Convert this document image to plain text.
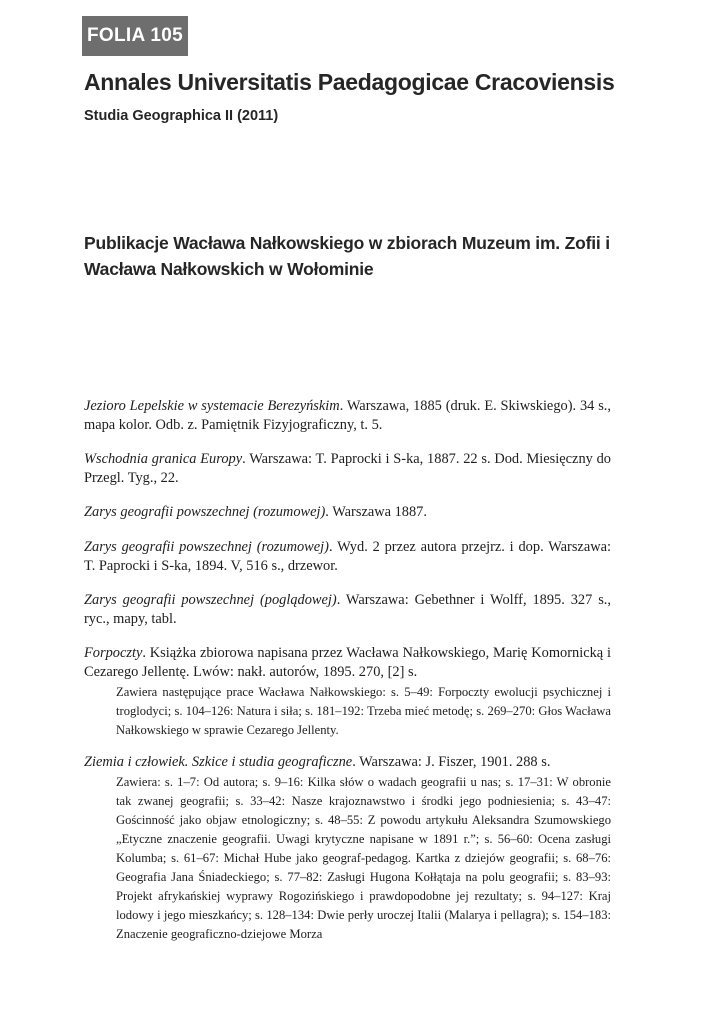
FOLIA 105
Annales Universitatis Paedagogicae Cracoviensis
Studia Geographica II (2011)
Publikacje Wacława Nałkowskiego w zbiorach Muzeum im. Zofii i Wacława Nałkowskich w Wołominie

Jezioro Lepelskie w systemacie Berezyńskim. Warszawa, 1885 (druk. E. Skiwskiego). 34 s., mapa kolor. Odb. z. Pamiętnik Fizyjograficzny, t. 5.

Wschodnia granica Europy. Warszawa: T. Paprocki i S-ka, 1887. 22 s. Dod. Miesięczny do Przegl. Tyg., 22.

Zarys geografii powszechnej (rozumowej). Warszawa 1887.

Zarys geografii powszechnej (rozumowej). Wyd. 2 przez autora przejrz. i dop. Warszawa: T. Paprocki i S-ka, 1894. V, 516 s., drzewor.

Zarys geografii powszechnej (poglądowej). Warszawa: Gebethner i Wolff, 1895. 327 s., ryc., mapy, tabl.

Forpoczty. Książka zbiorowa napisana przez Wacława Nałkowskiego, Marię Komornicką i Cezarego Jellentę. Lwów: nakł. autorów, 1895. 270, [2] s.

Zawiera następujące prace Wacława Nałkowskiego: s. 5–49: Forpoczty ewolucji psychicznej i troglodyci; s. 104–126: Natura i siła; s. 181–192: Trzeba mieć metodę; s. 269–270: Głos Wacława Nałkowskiego w sprawie Cezarego Jellenty.

Ziemia i człowiek. Szkice i studia geograficzne. Warszawa: J. Fiszer, 1901. 288 s.

Zawiera: s. 1–7: Od autora; s. 9–16: Kilka słów o wadach geografii u nas; s. 17–31: W obronie tak zwanej geografii; s. 33–42: Nasze krajoznawstwo i środki jego podniesienia; s. 43–47: Gościnność jako objaw etnologiczny; s. 48–55: Z powodu artykułu Aleksandra Szumowskiego „Etyczne znaczenie geografii. Uwagi krytyczne napisane w 1891 r.”; s. 56–60: Ocena zasługi Kolumba; s. 61–67: Michał Hube jako geograf-pedagog. Kartka z dziejów geografii; s. 68–76: Geografia Jana Śniadeckiego; s. 77–82: Zasługi Hugona Kołłątaja na polu geografii; s. 83–93: Projekt afrykańskiej wyprawy Rogozińskiego i prawdopodobne jej rezultaty; s. 94–127: Kraj lodowy i jego mieszkańcy; s. 128–134: Dwie perły uroczej Italii (Malarya i pellagra); s. 154–183: Znaczenie geograficzno-dziejowe Morza
